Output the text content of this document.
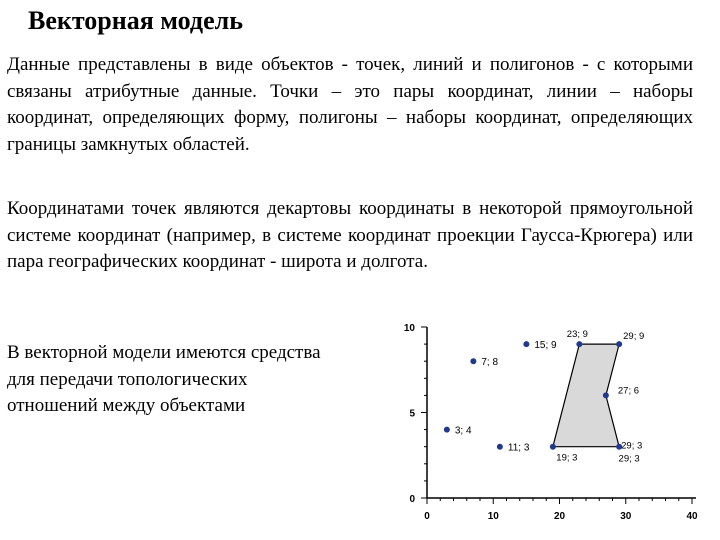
Векторная модель

Данные представлены в виде объектов - точек, линий и полигонов - с которыми связаны атрибутные данные. Точки – это пары координат, линии – наборы координат, определяющих форму, полигоны – наборы координат, определяющих границы замкнутых областей.

Координатами точек являются декартовы координаты в некоторой прямоугольной системе координат (например, в системе координат проекции Гаусса-Крюгера) или пара географических координат - широта и долгота.

В векторной модели имеются средства для передачи топологических отношений между объектами

0	10	20	30	40
0
5
10
23; 9	29; 9
27; 6
29; 3
19; 3	29; 3
7; 8
15; 9
3; 4
11; 3
